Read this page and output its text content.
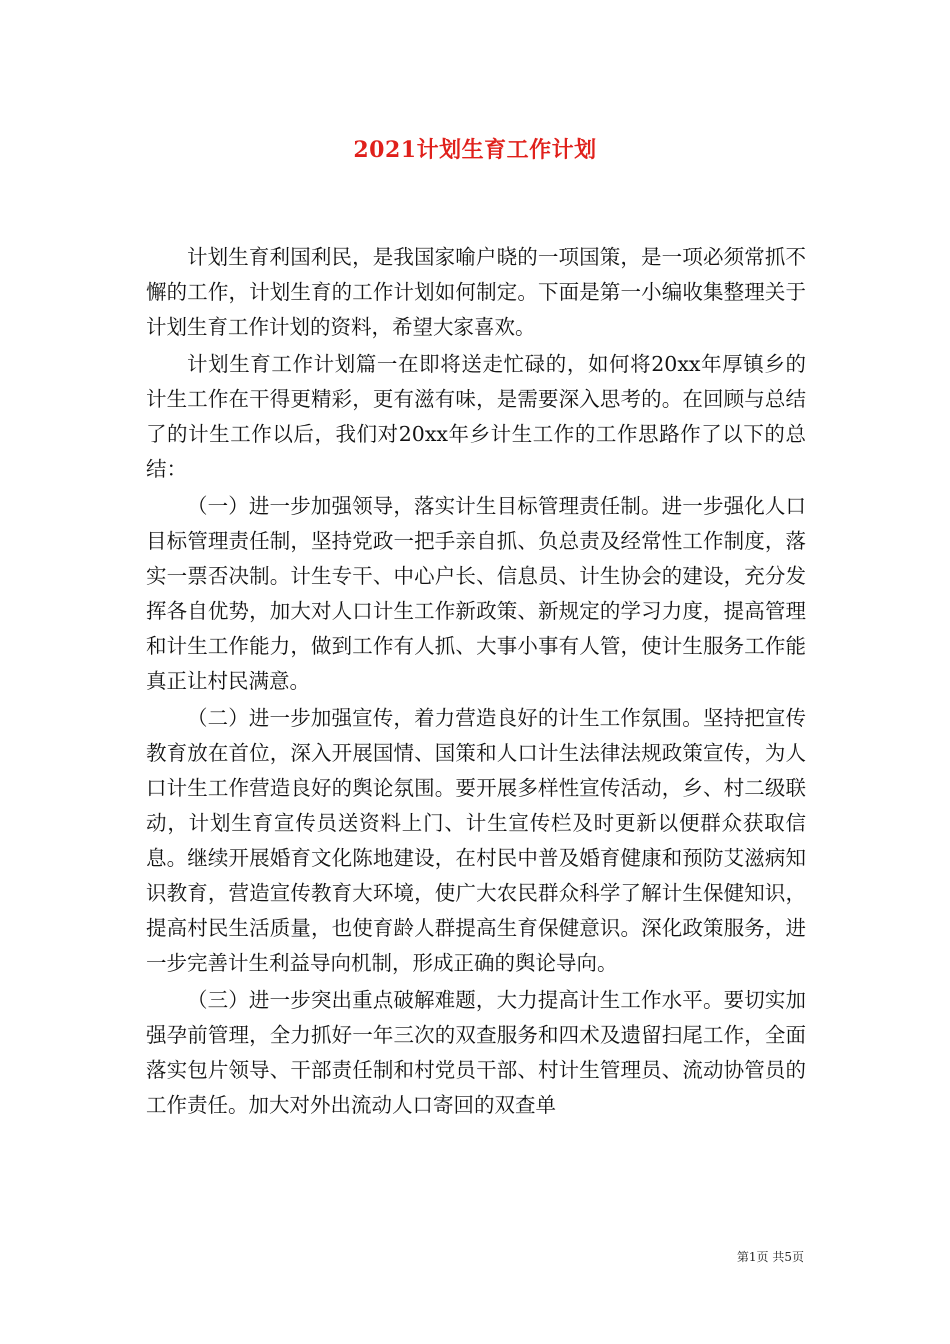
2021计划生育工作计划

计划生育利国利民，是我国家喻户晓的一项国策，是一项必须常抓不懈的工作，计划生育的工作计划如何制定。下面是第一小编收集整理关于计划生育工作计划的资料，希望大家喜欢。

计划生育工作计划篇一在即将送走忙碌的，如何将20xx年厚镇乡的计生工作在干得更精彩，更有滋有味，是需要深入思考的。在回顾与总结了的计生工作以后，我们对20xx年乡计生工作的工作思路作了以下的总结：

（一）进一步加强领导，落实计生目标管理责任制。进一步强化人口目标管理责任制，坚持党政一把手亲自抓、负总责及经常性工作制度，落实一票否决制。计生专干、中心户长、信息员、计生协会的建设，充分发挥各自优势，加大对人口计生工作新政策、新规定的学习力度，提高管理和计生工作能力，做到工作有人抓、大事小事有人管，使计生服务工作能真正让村民满意。

（二）进一步加强宣传，着力营造良好的计生工作氛围。坚持把宣传教育放在首位，深入开展国情、国策和人口计生法律法规政策宣传，为人口计生工作营造良好的舆论氛围。要开展多样性宣传活动，乡、村二级联动，计划生育宣传员送资料上门、计生宣传栏及时更新以便群众获取信息。继续开展婚育文化陈地建设，在村民中普及婚育健康和预防艾滋病知识教育，营造宣传教育大环境，使广大农民群众科学了解计生保健知识，提高村民生活质量，也使育龄人群提高生育保健意识。深化政策服务，进一步完善计生利益导向机制，形成正确的舆论导向。

（三）进一步突出重点破解难题，大力提高计生工作水平。要切实加强孕前管理，全力抓好一年三次的双查服务和四术及遗留扫尾工作，全面落实包片领导、干部责任制和村党员干部、村计生管理员、流动协管员的工作责任。加大对外出流动人口寄回的双查单

第1页 共5页
